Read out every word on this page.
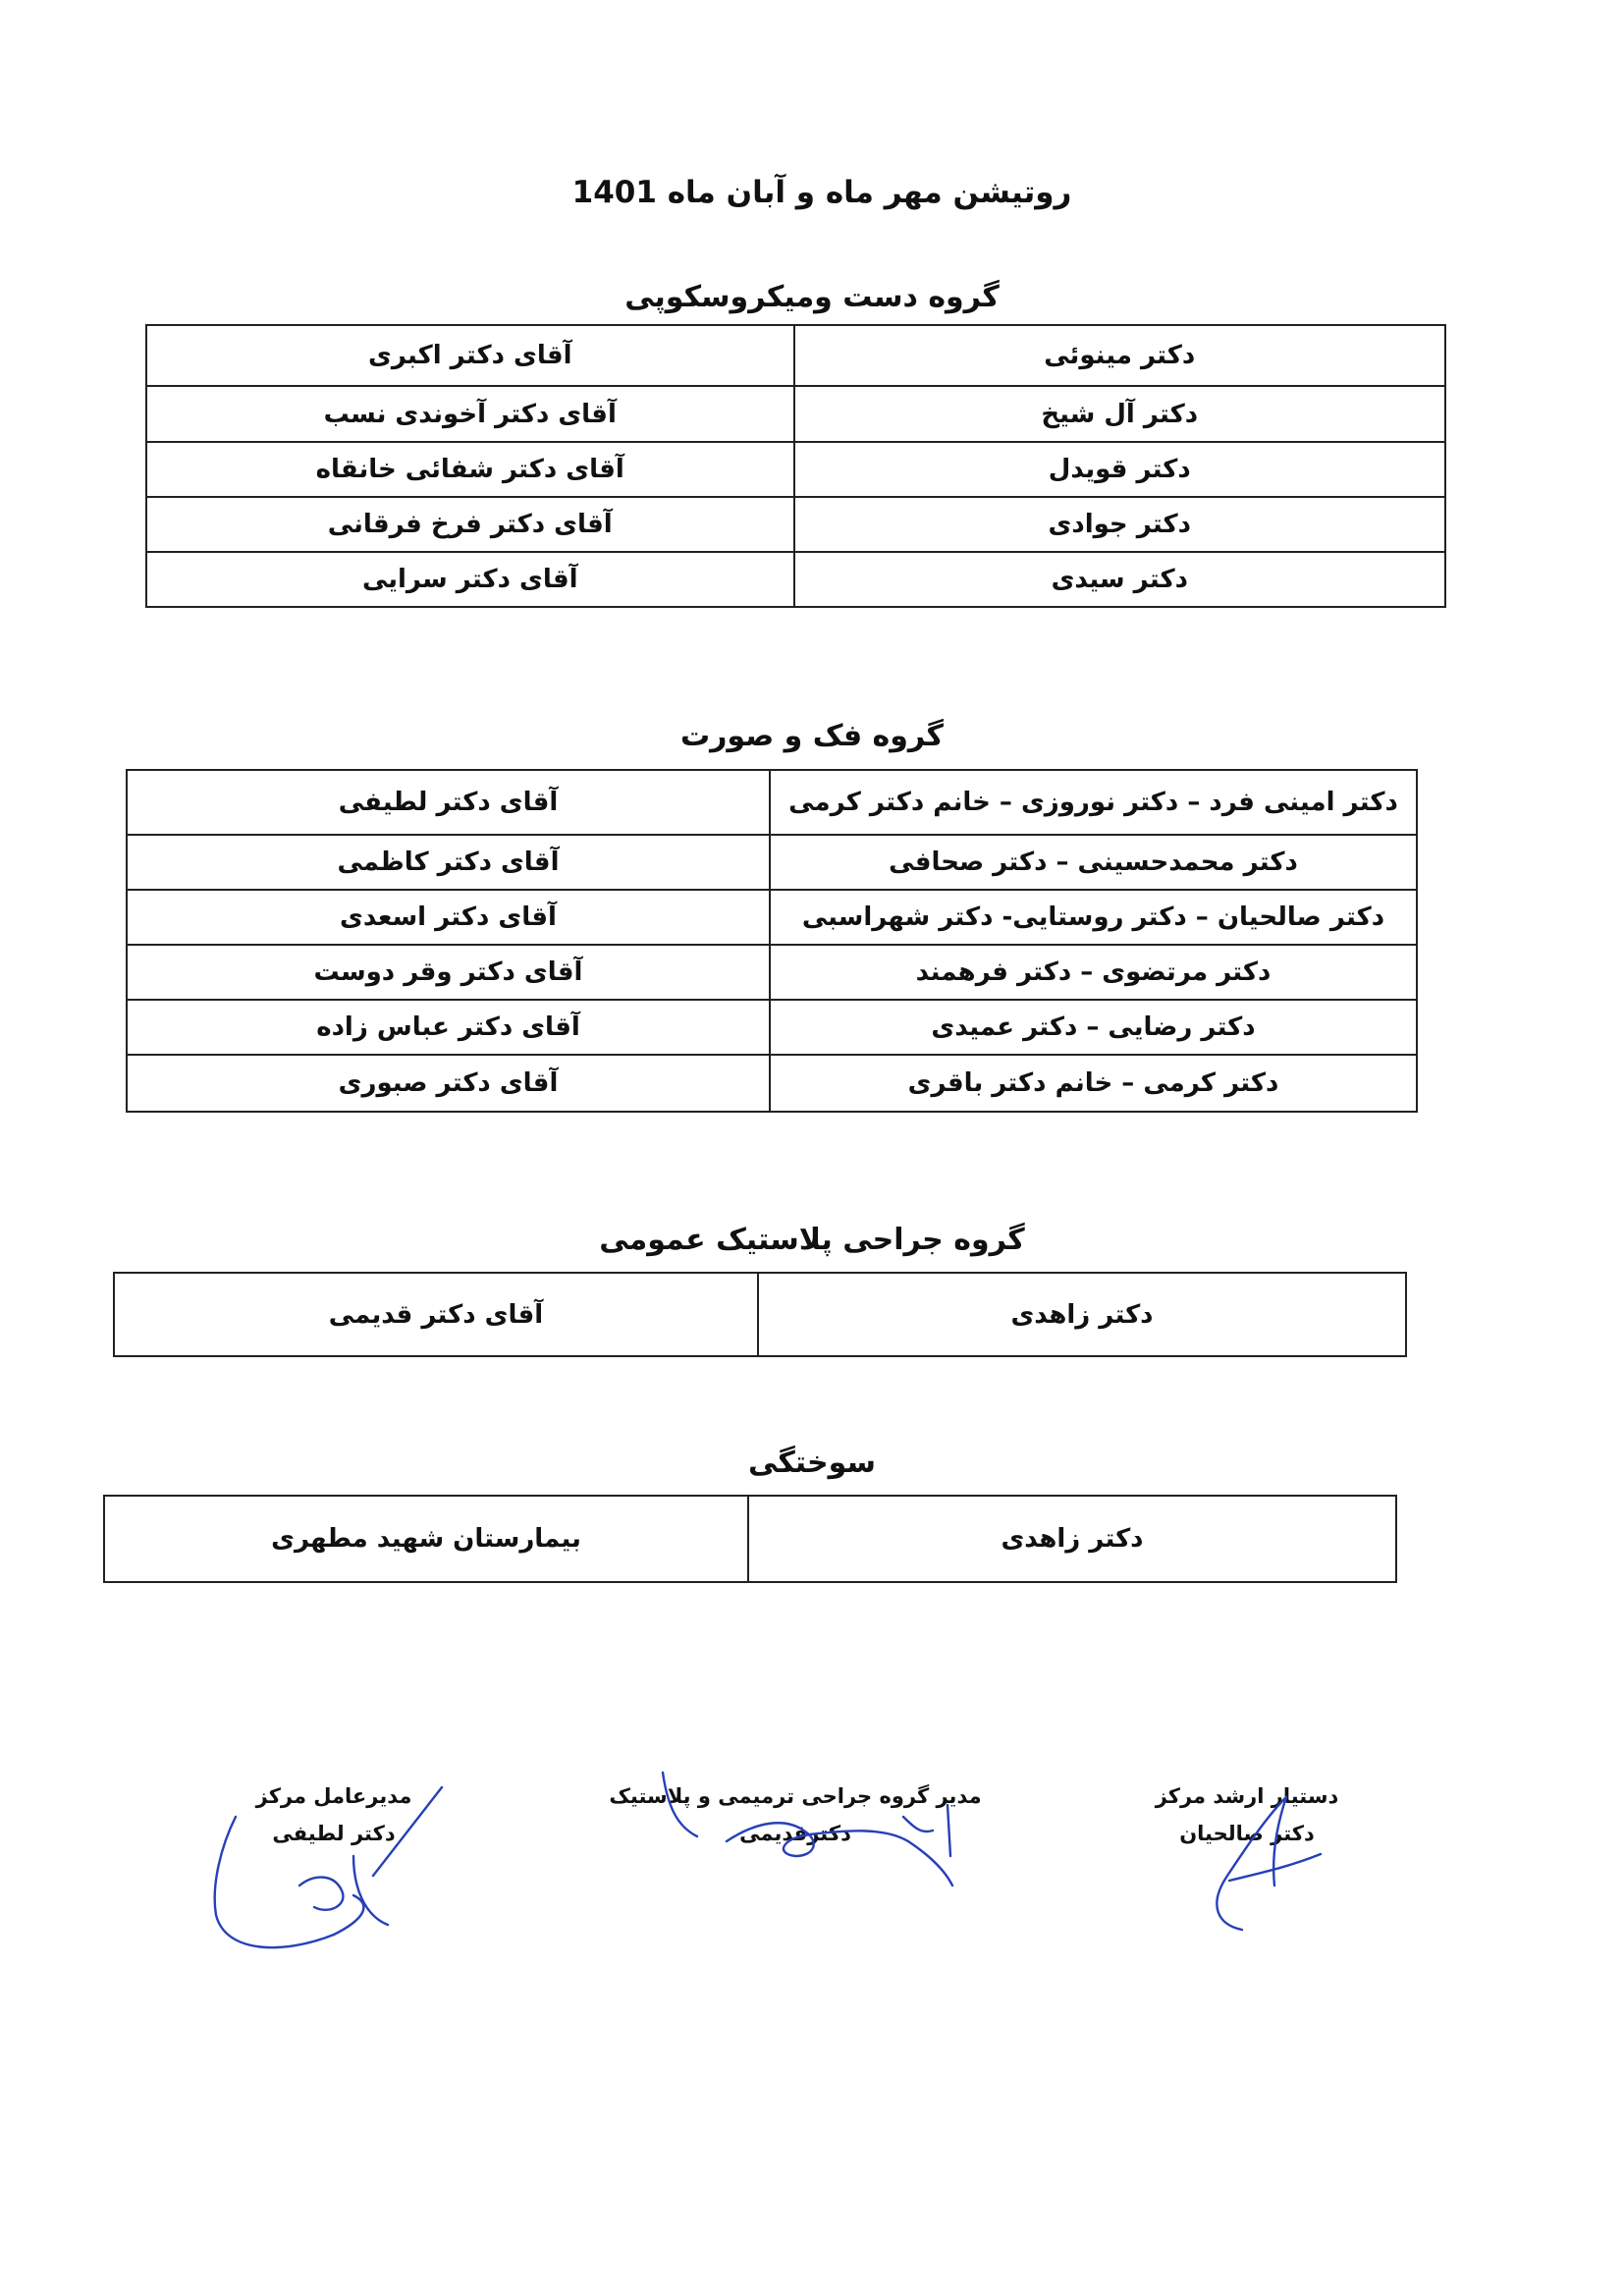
روتیشن مهر ماه و آبان ماه 1401
گروه دست ومیکروسکوپی
دکتر مینوئی	آقای دکتر اکبری
دکتر آل شیخ	آقای دکتر آخوندی نسب
دکتر قویدل	آقای دکتر شفائی خانقاه
دکتر جوادی	آقای دکتر فرخ فرقانی
دکتر سیدی	آقای دکتر سرایی
گروه فک و صورت
دکتر امینی فرد – دکتر نوروزی – خانم دکتر کرمی	آقای دکتر لطیفی
دکتر محمدحسینی – دکتر صحافی	آقای دکتر کاظمی
دکتر صالحیان – دکتر روستایی- دکتر شهراسبی	آقای دکتر اسعدی
دکتر مرتضوی – دکتر فرهمند	آقای دکتر وقر دوست
دکتر رضایی – دکتر عمیدی	آقای دکتر عباس زاده
دکتر کرمی – خانم دکتر باقری	آقای دکتر صبوری
گروه جراحی پلاستیک عمومی
دکتر زاهدی	آقای دکتر قدیمی
سوختگی
دکتر زاهدی	بیمارستان شهید مطهری
دستیار ارشد مرکز
دکتر صالحیان
مدیر گروه جراحی ترمیمی و پلاستیک
دکترقدیمی
مدیرعامل مرکز
دکتر لطیفی
